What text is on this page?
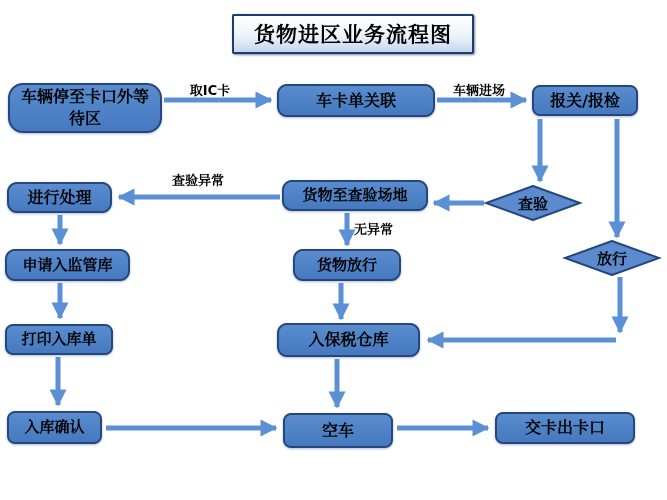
货物进区业务流程图
车辆停至卡口外等待区
车卡单关联	报关/报检
进行处理	货物至查验场地
申请入监管库	货物放行
打印入库单	入保税仓库
入库确认	空车	交卡出卡口
查验
放行
取IC卡	车辆进场
查验异常
无异常
